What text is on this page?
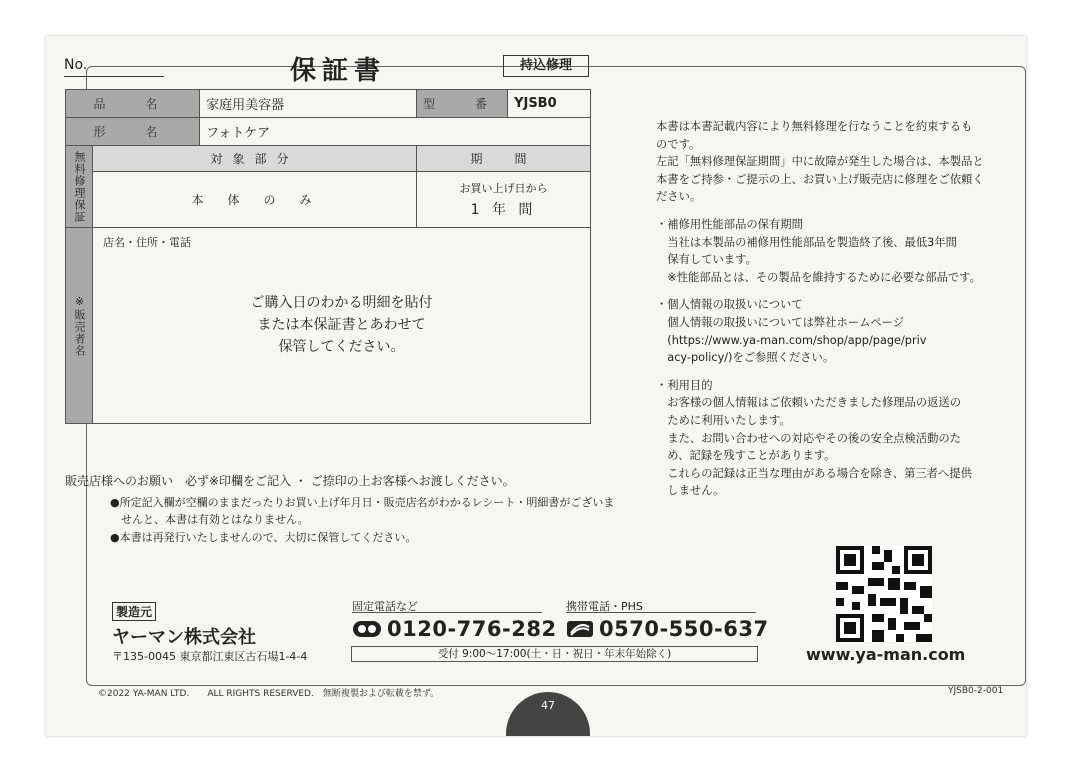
No.	保証書	持込修理
品　名		家庭用美容器	型　番	YJSB0
形　名		フォトケア		
無料修理保証	対象部分		期　間	
	本　体　の　み		お買い上げ日から
1 年 間	

※販売者名	店名・住所・電話
ご購入日のわかる明細を貼付
または本保証書とあわせて
保管してください。			
販売店様へのお願い　必ず※印欄をご記入 ・ ご捺印の上お客様へお渡しください。
●所定記入欄が空欄のままだったりお買い上げ年月日・販売店名がわかるレシート・明細書がございま
　せんと、本書は有効とはなりません。
●本書は再発行いたしませんので、大切に保管してください。

本書は本書記載内容により無料修理を行なうことを約束するも
のです。
左記「無料修理保証期間」中に故障が発生した場合は、本製品と
本書をご持参・ご提示の上、お買い上げ販売店に修理をご依頼く
ださい。

・補修用性能部品の保有期間
　当社は本製品の補修用性能部品を製造終了後、最低3年間
　保有しています。
　※性能部品とは、その製品を維持するために必要な部品です。

・個人情報の取扱いについて
　個人情報の取扱いについては弊社ホームページ
　(https://www.ya-man.com/shop/app/page/priv
　acy-policy/)をご参照ください。

・利用目的
　お客様の個人情報はご依頼いただきました修理品の返送の
　ために利用いたします。
　また、お問い合わせへの対応やその後の安全点検活動のた
　め、記録を残すことがあります。
　これらの記録は正当な理由がある場合を除き、第三者へ提供
　しません。

製造元
ヤーマン株式会社
〒135-0045 東京都江東区古石場1-4-4
固定電話など
0120-776-282
携帯電話・PHS
0570-550-637
受付 9:00〜17:00(土・日・祝日・年末年始除く)	www.ya-man.com
©2022 YA-MAN LTD.　　ALL RIGHTS RESERVED.　無断複製および転載を禁ず。	YJSB0-2-001
47
